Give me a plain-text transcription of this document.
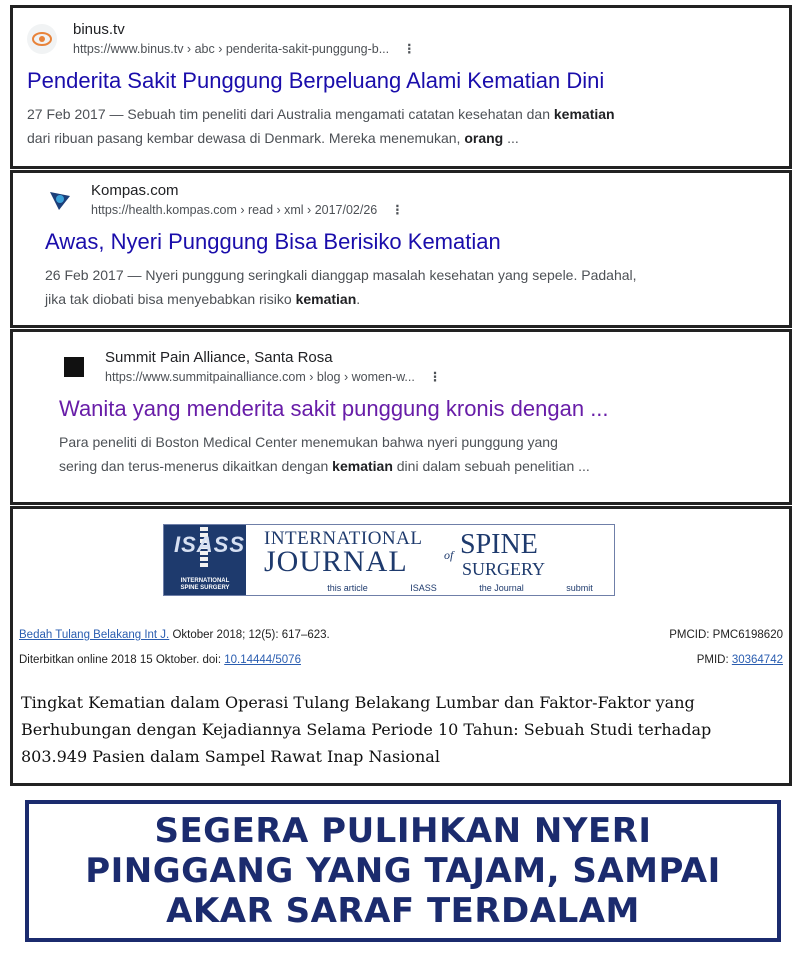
binus.tv
https://www.binus.tv › abc › penderita-sakit-punggung-b... ⋮
Penderita Sakit Punggung Berpeluang Alami Kematian Dini
27 Feb 2017 — Sebuah tim peneliti dari Australia mengamati catatan kesehatan dan kematian
dari ribuan pasang kembar dewasa di Denmark. Mereka menemukan, orang ...
Kompas.com
https://health.kompas.com › read › xml › 2017/02/26 ⋮
Awas, Nyeri Punggung Bisa Berisiko Kematian
26 Feb 2017 — Nyeri punggung seringkali dianggap masalah kesehatan yang sepele. Padahal,
jika tak diobati bisa menyebabkan risiko kematian.
Summit Pain Alliance, Santa Rosa
https://www.summitpainalliance.com › blog › women-w... ⋮
Wanita yang menderita sakit punggung kronis dengan ...
Para peneliti di Boston Medical Center menemukan bahwa nyeri punggung yang
sering dan terus-menerus dikaitkan dengan kematian dini dalam sebuah penelitian ...
ISASS
INTERNATIONAL
SPINE SURGERY
INTERNATIONAL
JOURNAL	of SPINE
SURGERY
this article	ISASS	the Journal	submit
Bedah Tulang Belakang Int J. Oktober 2018; 12(5): 617–623.	PMCID: PMC6198620
Diterbitkan online 2018 15 Oktober. doi: 10.14444/5076	PMID: 30364742
Tingkat Kematian dalam Operasi Tulang Belakang Lumbar dan Faktor-Faktor yang Berhubungan dengan Kejadiannya Selama Periode 10 Tahun: Sebuah Studi terhadap 803.949 Pasien dalam Sampel Rawat Inap Nasional
SEGERA PULIHKAN NYERI
PINGGANG YANG TAJAM, SAMPAI
AKAR SARAF TERDALAM
